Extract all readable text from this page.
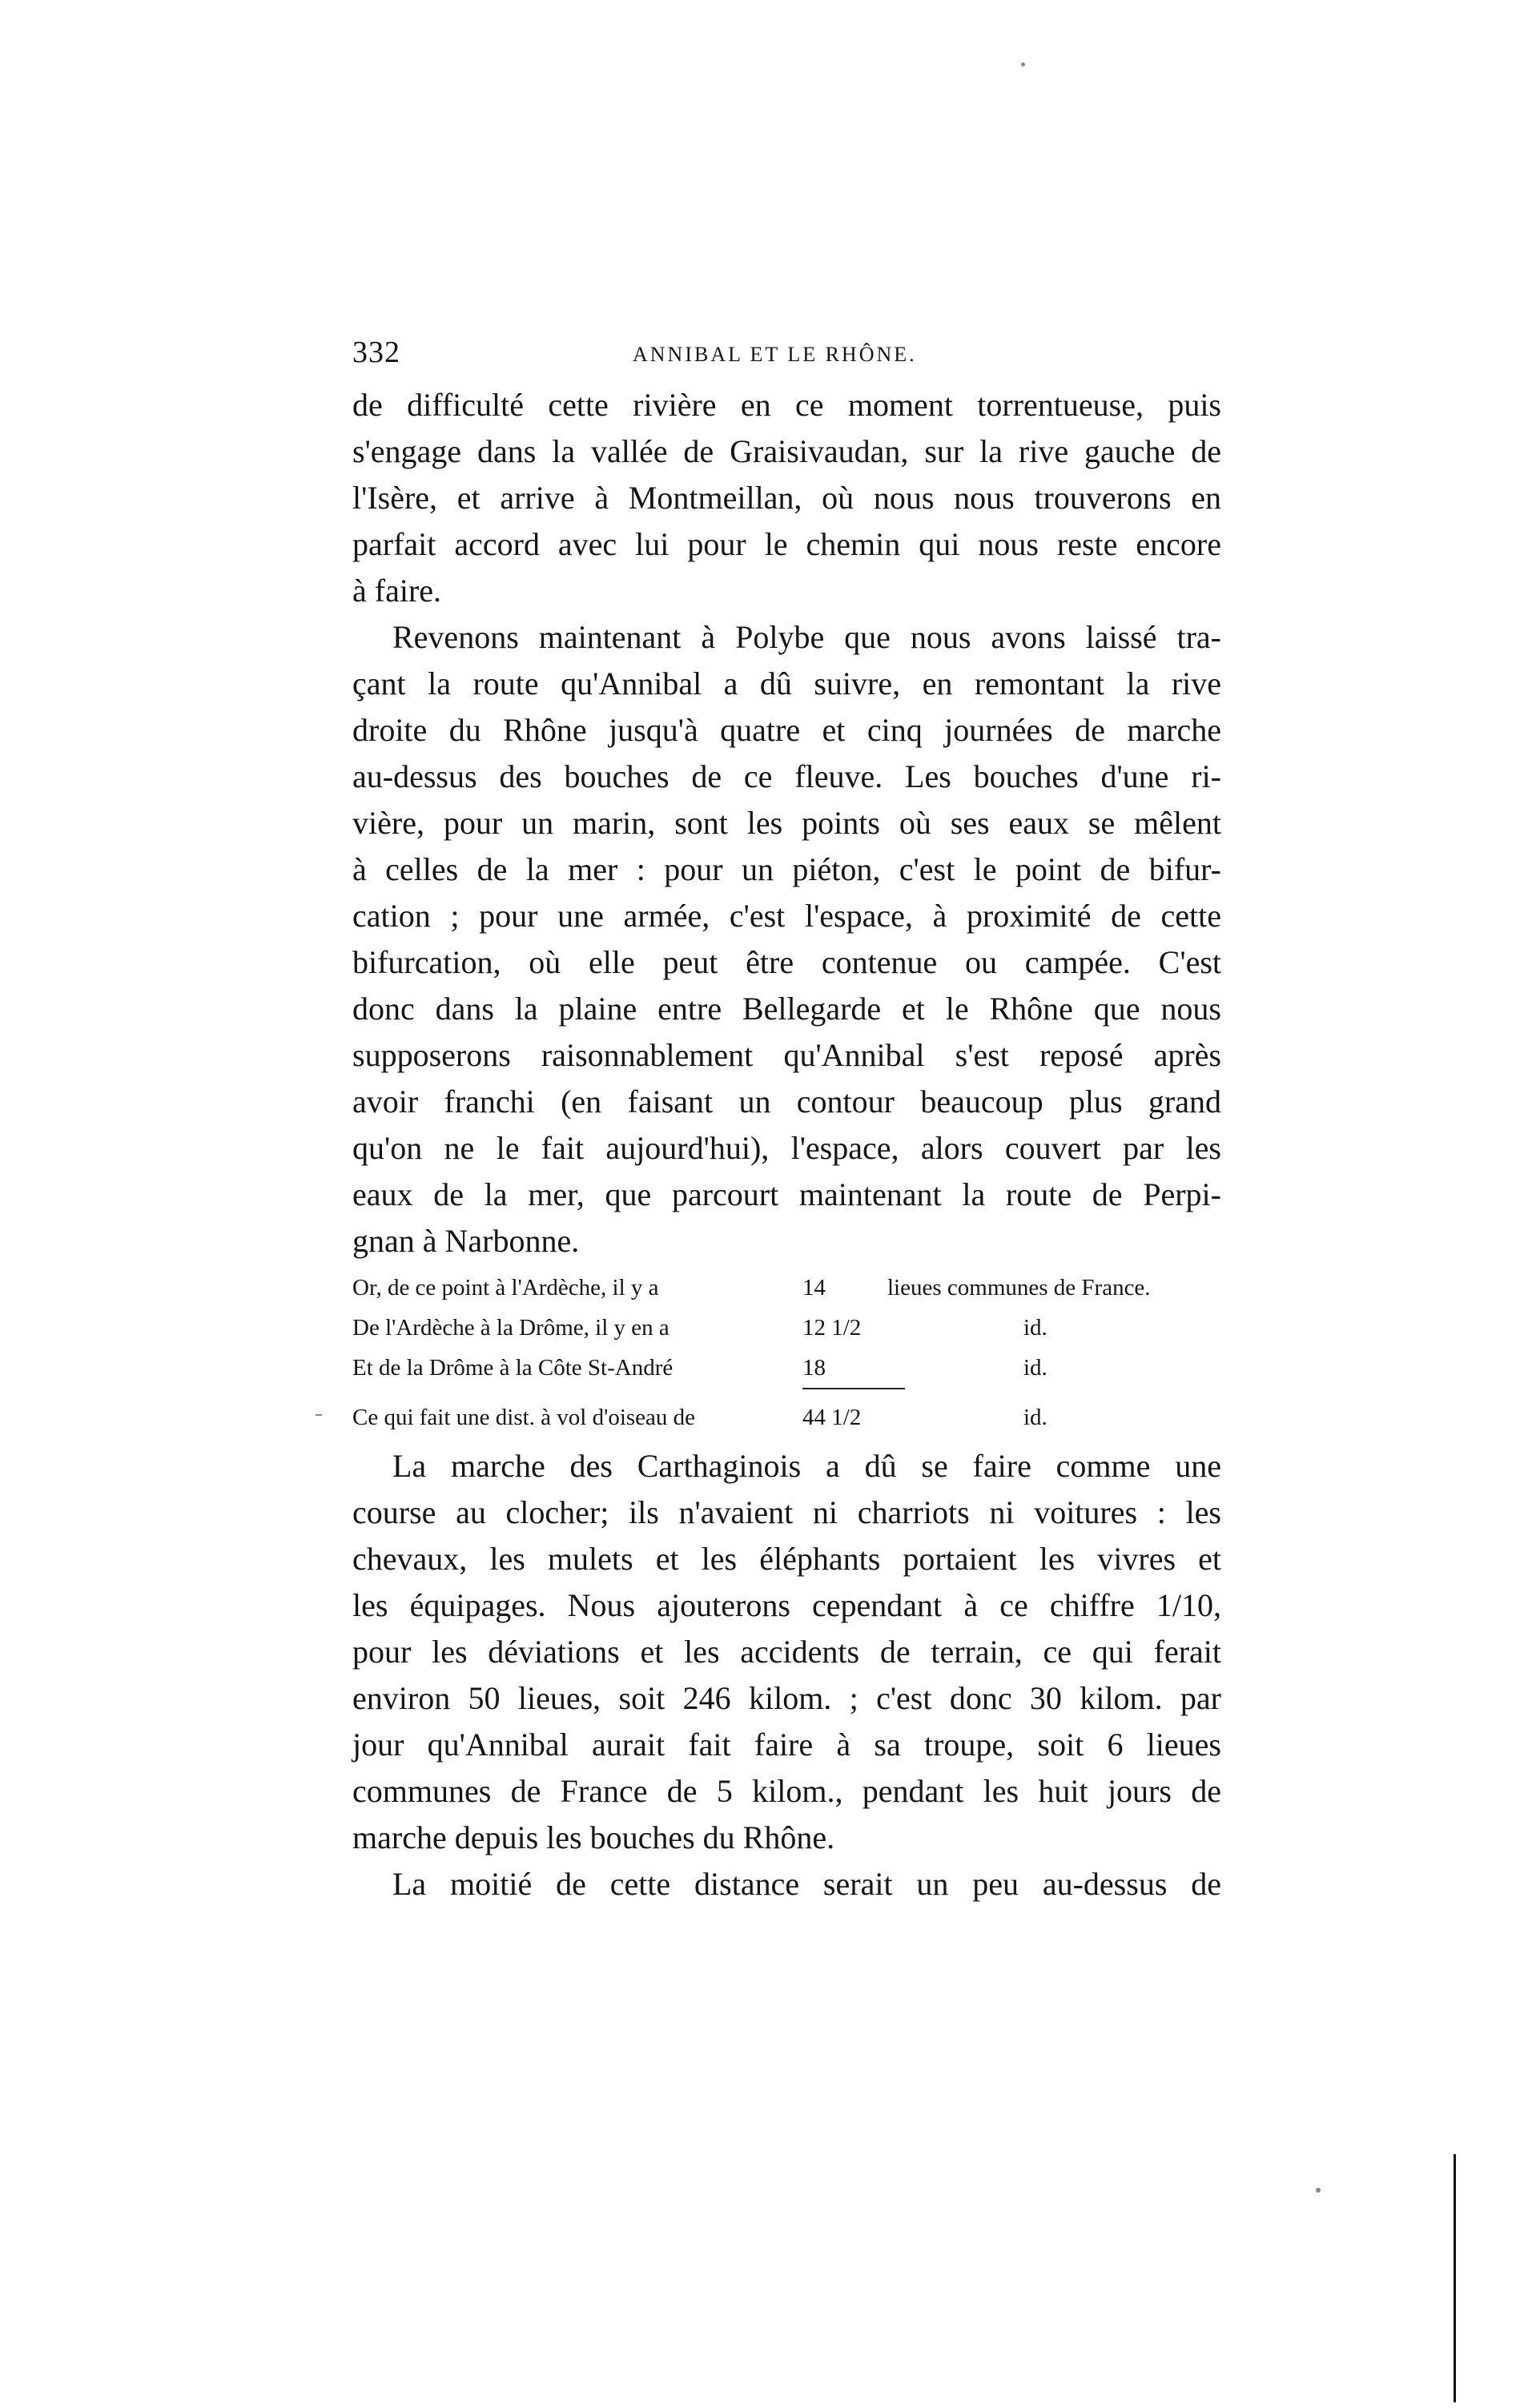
332	ANNIBAL ET LE RHÔNE.

de difficulté cette rivière en ce moment torrentueuse, puis
s'engage dans la vallée de Graisivaudan, sur la rive gauche de
l'Isère, et arrive à Montmeillan, où nous nous trouverons en
parfait accord avec lui pour le chemin qui nous reste encore
à faire.

Revenons maintenant à Polybe que nous avons laissé tra-
çant la route qu'Annibal a dû suivre, en remontant la rive
droite du Rhône jusqu'à quatre et cinq journées de marche
au-dessus des bouches de ce fleuve. Les bouches d'une ri-
vière, pour un marin, sont les points où ses eaux se mêlent
à celles de la mer : pour un piéton, c'est le point de bifur-
cation ; pour une armée, c'est l'espace, à proximité de cette
bifurcation, où elle peut être contenue ou campée. C'est
donc dans la plaine entre Bellegarde et le Rhône que nous
supposerons raisonnablement qu'Annibal s'est reposé après
avoir franchi (en faisant un contour beaucoup plus grand
qu'on ne le fait aujourd'hui), l'espace, alors couvert par les
eaux de la mer, que parcourt maintenant la route de Perpi-
gnan à Narbonne.

Or, de ce point à l'Ardèche, il y a	14	lieues communes de France.
De l'Ardèche à la Drôme, il y en a	12 1/2	id.
Et de la Drôme à la Côte St-André	18	id.
Ce qui fait une dist. à vol d'oiseau de	44 1/2	id.

La marche des Carthaginois a dû se faire comme une
course au clocher; ils n'avaient ni charriots ni voitures : les
chevaux, les mulets et les éléphants portaient les vivres et
les équipages. Nous ajouterons cependant à ce chiffre 1/10,
pour les déviations et les accidents de terrain, ce qui ferait
environ 50 lieues, soit 246 kilom. ; c'est donc 30 kilom. par
jour qu'Annibal aurait fait faire à sa troupe, soit 6 lieues
communes de France de 5 kilom., pendant les huit jours de
marche depuis les bouches du Rhône.

La moitié de cette distance serait un peu au-dessus de
